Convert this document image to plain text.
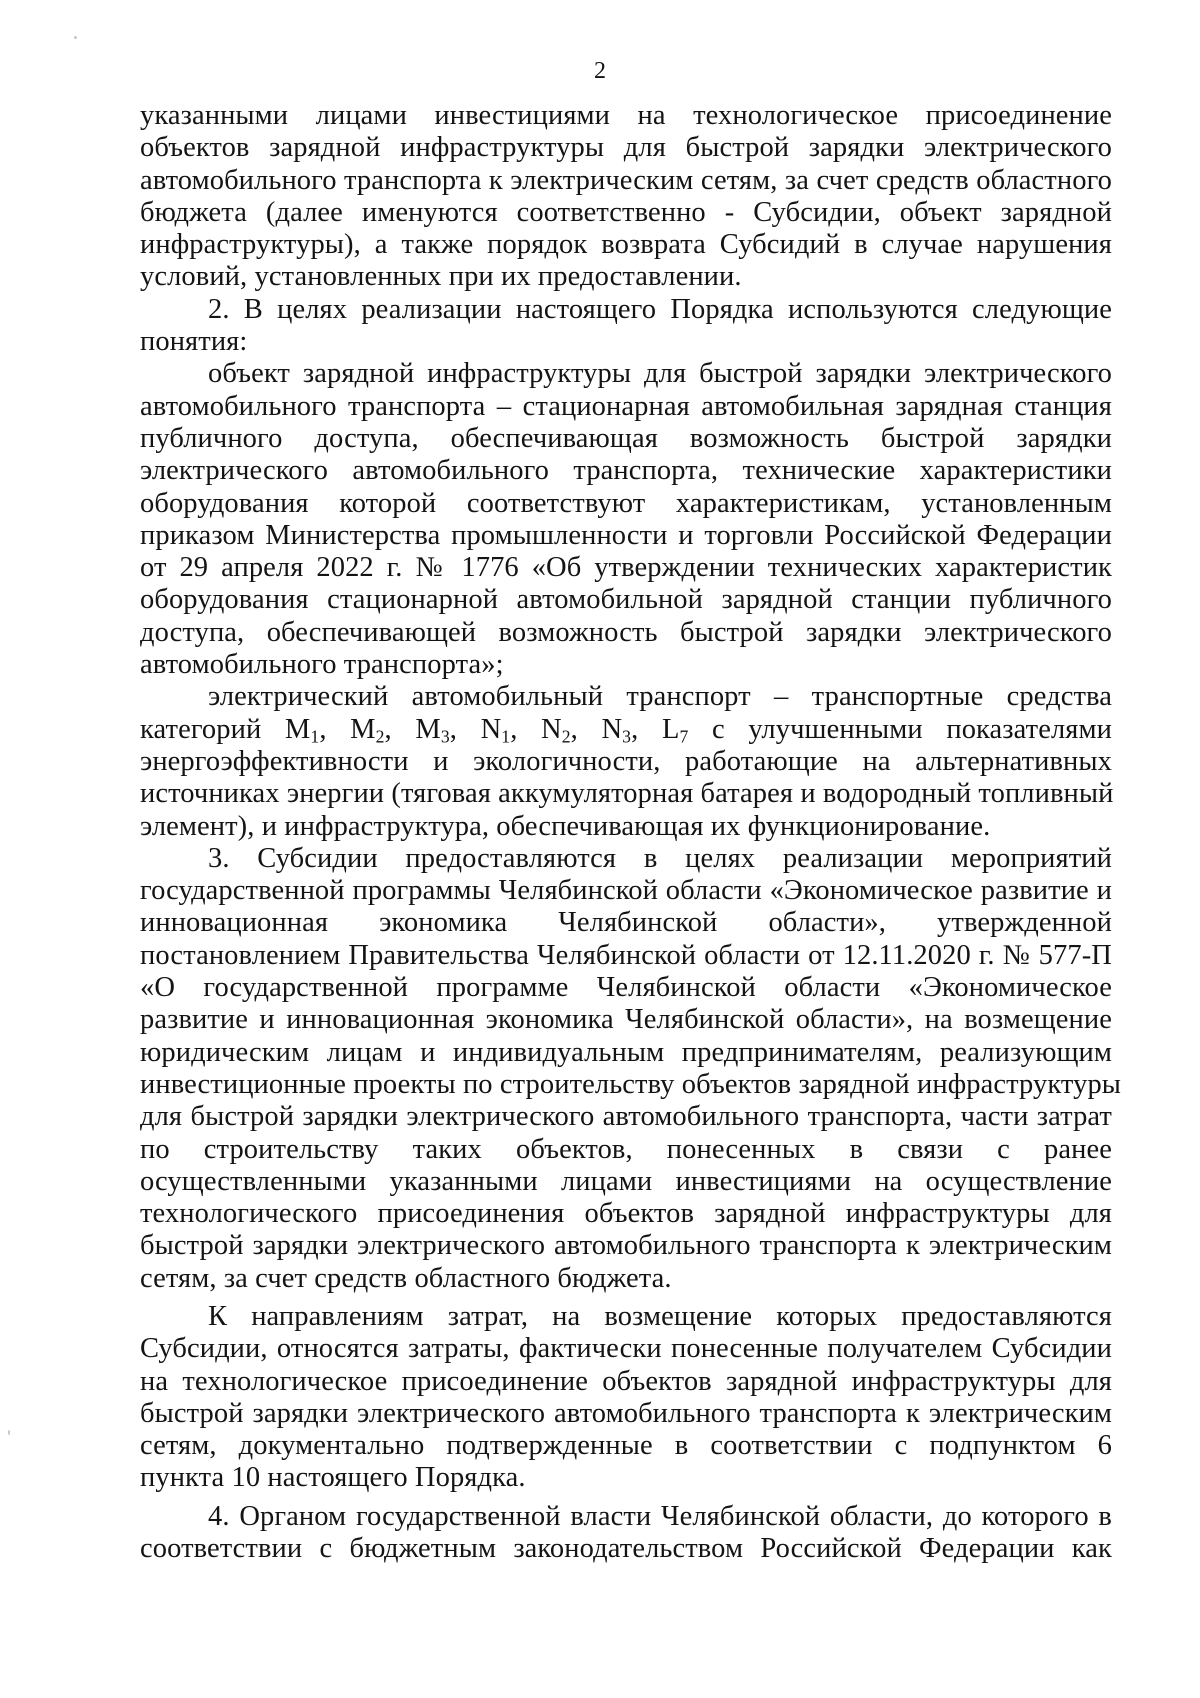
2

указанными лицами инвестициями на технологическое присоединение
объектов зарядной инфраструктуры для быстрой зарядки электрического
автомобильного транспорта к электрическим сетям, за счет средств областного
бюджета (далее именуются соответственно - Субсидии, объект зарядной
инфраструктуры), а также порядок возврата Субсидий в случае нарушения
условий, установленных при их предоставлении.

2. В целях реализации настоящего Порядка используются следующие
понятия:

объект зарядной инфраструктуры для быстрой зарядки электрического
автомобильного транспорта – стационарная автомобильная зарядная станция
публичного доступа, обеспечивающая возможность быстрой зарядки
электрического автомобильного транспорта, технические характеристики
оборудования которой соответствуют характеристикам, установленным
приказом Министерства промышленности и торговли Российской Федерации
от 29 апреля 2022 г. № 1776 «Об утверждении технических характеристик
оборудования стационарной автомобильной зарядной станции публичного
доступа, обеспечивающей возможность быстрой зарядки электрического
автомобильного транспорта»;

электрический автомобильный транспорт – транспортные средства
категорий $M_1$, $M_2$, $M_3$, $N_1$, $N_2$, $N_3$, $L_7$ с улучшенными показателями
энергоэффективности и экологичности, работающие на альтернативных
источниках энергии (тяговая аккумуляторная батарея и водородный топливный
элемент), и инфраструктура, обеспечивающая их функционирование.

3. Субсидии предоставляются в целях реализации мероприятий
государственной программы Челябинской области «Экономическое развитие и
инновационная экономика Челябинской области», утвержденной
постановлением Правительства Челябинской области от 12.11.2020 г. № 577-П
«О государственной программе Челябинской области «Экономическое
развитие и инновационная экономика Челябинской области», на возмещение
юридическим лицам и индивидуальным предпринимателям, реализующим
инвестиционные проекты по строительству объектов зарядной инфраструктуры
для быстрой зарядки электрического автомобильного транспорта, части затрат
по строительству таких объектов, понесенных в связи с ранее
осуществленными указанными лицами инвестициями на осуществление
технологического присоединения объектов зарядной инфраструктуры для
быстрой зарядки электрического автомобильного транспорта к электрическим
сетям, за счет средств областного бюджета.

К направлениям затрат, на возмещение которых предоставляются
Субсидии, относятся затраты, фактически понесенные получателем Субсидии
на технологическое присоединение объектов зарядной инфраструктуры для
быстрой зарядки электрического автомобильного транспорта к электрическим
сетям, документально подтвержденные в соответствии с подпунктом 6
пункта 10 настоящего Порядка.

4. Органом государственной власти Челябинской области, до которого в
соответствии с бюджетным законодательством Российской Федерации как
